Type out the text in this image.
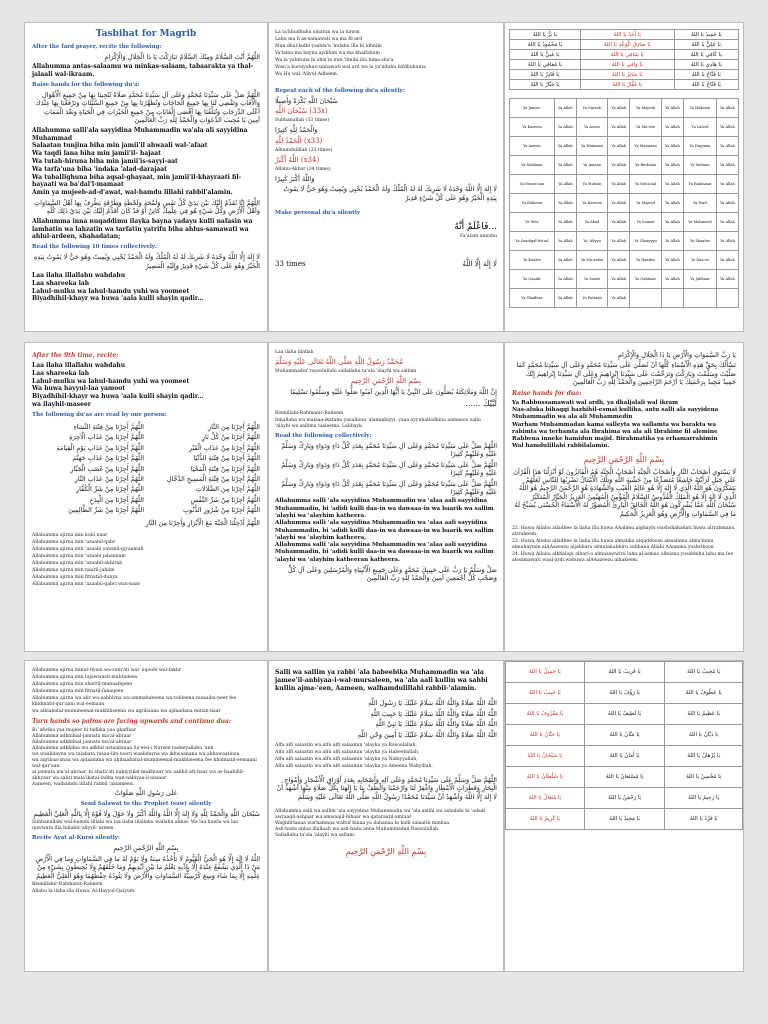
Tasbihat for Magrib
After the fard prayer, recite the following:
اللَّهُمَّ أَنْتَ السَّلَامُ وَمِنْكَ السَّلَامُ تَبَارَكْتَ يَا ذَا الْجَلَالِ وَالْإِكْرَامِ
Allahumma antas-salaamu wa minkas-salaam, tabaarakta ya thal-jalaali wal-ikraam.
Raise hands for the following du'a:
اللَّهُمَّ صَلِّ عَلَى سَيِّدِنَا مُحَمَّدٍ وَعَلَى آلِ سَيِّدِنَا مُحَمَّدٍ صَلَاةً تُنْجِينَا بِهَا مِنْ جَمِيعِ الْأَهْوَالِ وَالْآفَاتِ وَتَقْضِي لَنَا بِهَا جَمِيعَ الْحَاجَاتِ وَتُطَهِّرُنَا بِهَا مِنْ جَمِيعِ السَّيِّئَاتِ وَتَرْفَعُنَا بِهَا عِنْدَكَ أَعْلَى الدَّرَجَاتِ وَتُبَلِّغُنَا بِهَا أَقْصَى الْغَايَاتِ مِنْ جَمِيعِ الْخَيْرَاتِ فِي الْحَيَاةِ وَبَعْدَ الْمَمَاتِ آمِينَ يَا مُجِيبَ الدَّعَوَاتِ وَالْحَمْدُ لِلَّهِ رَبِّ الْعَالَمِينَ
Allahumma salli'ala sayyidina Muhammadin wa'ala ali sayyidina Muhammad
Salaatan tunjina biha min jamii'il ahwaali wal-'afaat
Wa taqdi lana biha min jamii'il- hajaat
Wa tutah-hiruna biha min jamii'is-sayyi-aat
Wa tarfa'una biha 'indaka 'alad-darajaat
Wa tuballighuna biha aqsal-ghayaat, min jamii'il-khayraati fil-hayaati wa ba'dal'l-mamaat
Amin ya mujeeb-ad-d'awat, wal-hamdu lillahi rabbil'alamin.
اللَّهُمَّ إِنَّا نُقَدِّمُ إِلَيْكَ بَيْنَ يَدَيْ كُلِّ نَفَسٍ وَلَمْحَةٍ وَلَحْظَةٍ وَطَرْفَةٍ يَطْرِفُ بِهَا أَهْلُ السَّمَاوَاتِ وَأَهْلُ الْأَرْضِ وَكُلِّ شَيْءٍ هُوَ فِي عِلْمِكَ كَائِنٌ أَوْ قَدْ كَانَ أُقَدِّمُ إِلَيْكَ بَيْنَ يَدَيْ ذَلِكَ كُلِّهِ
Allahumma inna nuqaddimu ilayka bayna yadayu kulli nafasin wa lamhatin wa lahzatin wa tarfatin yatrifu biha ahlus-samawati wa ahlul-ardeen, shahadatan;
Read the following 10 times collectively:
لَا إِلَهَ إِلَّا اللَّهُ وَحْدَهُ لَا شَرِيكَ لَهُ لَهُ الْمُلْكُ وَلَهُ الْحَمْدُ يُحْيِي وَيُمِيتُ وَهُوَ حَيٌّ لَا يَمُوتُ بِيَدِهِ الْخَيْرُ وَهُوَ عَلَى كُلِّ شَيْءٍ قَدِيرٌ وَإِلَيْهِ الْمَصِيرُ
Laa ilaha illallahu wahdahu
Laa shareeka lah
Lahul-mulku wa lahul-hamdu yuhi wa yoomeet
Biyadhihil-khayr wa huwa 'aala kulli shayin qadir...
La ta'khudhuhu sinatun wa la nawm
Lahu ma fi as-samawati wa ma fil-ard
Man dhal-ladhi yashfa'u 'indahu illa bi idhnihi
Ya'lamu ma bayna aydihim wa ma khalfahum
Wa la yuhituna bi shai'in min 'ilmihi illa bima sha'a
Wasi'a kursiyuhus-samawati wal ard wa la ya'uduhu hifdhuhuma
Wa Hu wal-'Aliyul-Adheem.
Repeat each of the following du'a silently:
سُبْحَانَ اللَّهِ بُكْرَةً وَأَصِيلًا
(33x) سُبْحَانَ اللَّهِ
Subhanallah (33 times)
وَالْحَمْدُ لِلَّهِ كَثِيرًا
(x33) الْحَمْدُ لِلَّهِ
Alhamdulillah (33 times)
(x34) اللَّهُ أَكْبَرُ
Allahu-Akbar (34 times)
وَاللَّهُ أَكْبَرُ كَبِيرًا
لَا إِلَهَ إِلَّا اللَّهُ وَحْدَهُ لَا شَرِيكَ لَهُ لَهُ الْمُلْكُ وَلَهُ الْحَمْدُ يُحْيِي وَيُمِيتُ وَهُوَ حَيٌّ لَا يَمُوتُ بِيَدِهِ الْخَيْرُ وَهُوَ عَلَى كُلِّ شَيْءٍ قَدِيرٌ
Make personal du'a silently
...فَاعْلَمْ أَنَّهُ
Fa'alam annahu
33 times	لَا إِلَهَ إِلَّا اللَّهُ
يَا بَرُّ يَا اللهُ	يَا أَحَدُ يَا اللهُ	يَا حَمِيدُ يَا اللهُ
يَا مَحْمُودُ يَا اللهُ	يَا صَادِقَ الْوَعْدِ يَا اللهُ	يَا عَلِيُّ يَا اللهُ
يَا غَنِيُّ يَا اللهُ	يَا شَافِي يَا اللهُ	يَا كَافِي يَا اللهُ
يَا مُعَافِي يَا اللهُ	يَا وَافِي يَا اللهُ	يَا هَادِي يَا اللهُ
يَا قَادِرُ يَا اللهُ	يَا سَاتِرُ يَا اللهُ	يَا فَتَّاحُ يَا اللهُ
يَا جَبَّارُ يَا اللهُ	يَا غَفَّارُ يَا اللهُ	يَا فَتَّاحُ يَا اللهُ
Ya Jamee'	Ya Allah	Ya Qareeb	Ya Allah	Ya Mujeeb	Ya Allah	Ya Hakeem	Ya Allah
Ya Kareem	Ya Allah	Ya Azeez	Ya Allah	Ya Mu'een	Ya Allah	Ya Lateef	Ya Allah
Ya Azeem	Ya Allah	Ya Hannaan	Ya Allah	Ya Mannaan	Ya Allah	Ya Dayyaan	Ya Allah
Ya Subhaan	Ya Allah	Ya Amaan	Ya Allah	Ya Burhaan	Ya Allah	Ya Sultaan	Ya Allah
Ya Musta'aan	Ya Allah	Ya Muhsin	Ya Allah	Ya Muta'aal	Ya Allah	Ya Rahmaan	Ya Allah
Ya Raheem	Ya Allah	Ya Kareem	Ya Allah	Ya Majeed	Ya Allah	Ya Fard	Ya Allah
Ya Witr	Ya Allah	Ya Ahad	Ya Allah	Ya Samad	Ya Allah	Ya Mahmood	Ya Allah
Ya Saadiqal-Wa'ad	Ya Allah	Ya 'Aliyyu	Ya Allah	Ya Ghaniyyu	Ya Allah	Ya Shaafee	Ya Allah
Ya Kaafee	Ya Allah	Ya Mu'aafee	Ya Allah	Ya Haadee	Ya Allah	Ya Daa'ee	Ya Allah
Ya Qaadir	Ya Allah	Ya Saatir	Ya Allah	Ya Qahhaar	Ya Allah	Ya Jabbaar	Ya Allah
Ya Ghaffaar	Ya Allah	Ya Fattaah	Ya Allah				
After the 9th time, recite:
Laa ilaha illallahu wahdahu
Laa shareeka lah
Lahul-mulku wa lahul-hamdu yuhi wa yoomeet
Wa huwa hayyul-laa yamoot
Biyadhihil-khayr wa huwa 'aala kulli shayin qadir...
wa ilayhil-maseer
The following du'as are read by one person:
اللَّهُمَّ أَجِرْنَا مِنْ فِتْنَةِ النِّسَاءِ
اللَّهُمَّ أَجِرْنَا مِنْ عَذَابِ الْآخِرَةِ
اللَّهُمَّ أَجِرْنَا مِنْ عَذَابِ يَوْمِ الْقِيَامَةِ
اللَّهُمَّ أَجِرْنَا مِنْ عَذَابِ جَهَنَّمَ
اللَّهُمَّ أَجِرْنَا مِنْ غَضَبِ الْجَبَّارِ
اللَّهُمَّ أَجِرْنَا مِنْ عَذَابِ النَّارِ
اللَّهُمَّ أَجِرْنَا مِنْ شَرِّ الْكُفَّارِ
اللَّهُمَّ أَجِرْنَا مِنَ الْبِدَعِ
اللَّهُمَّ أَجِرْنَا مِنْ شَرِّ الظَّالِمِينَ
اللَّهُمَّ أَجِرْنَا مِنَ النَّارِ
اللَّهُمَّ أَجِرْنَا مِنْ كُلِّ نَارٍ
اللَّهُمَّ أَجِرْنَا مِنْ عَذَابِ الْقَبْرِ
اللَّهُمَّ أَجِرْنَا مِنْ فِتْنَةِ الدُّنْيَا
اللَّهُمَّ أَجِرْنَا مِنْ فِتْنَةِ الْمَحْيَا
اللَّهُمَّ أَجِرْنَا مِنْ فِتْنَةِ الْمَسِيحِ الدَّجَّالِ
اللَّهُمَّ أَجِرْنَا مِنَ الضَّلَالَاتِ
اللَّهُمَّ أَجِرْنَا مِنْ شَرِّ النَّفْسِ
اللَّهُمَّ أَجِرْنَا مِنْ شُرُورِ الذُّنُوبِ
اللَّهُمَّ أَدْخِلْنَا الْجَنَّةَ مَعَ الْأَبْرَارِ وَأَجِرْنَا مِنَ النَّارِ
Allahumma ajirna min kulli naar
Allahumma ajirna min 'azaabil-qabr
Allahumma ajirna min 'azaabi yawmil-qiyaamah
Allahumma ajirna min 'azaabi jahannam
Allahumma ajirna min 'azaabil-akhirah
Allahumma ajirna min naaril-jahiim
Allahumma ajirna min fitnatid-dunya
Allahumma ajirna min 'azaabil-qabri wan-naar
Laa ilaha illallah
مُحَمَّدٌ رَسُولُ اللَّهِ صَلَّى اللَّهُ تَعَالَى عَلَيْهِ وَسَلَّمَ
Muhammadur rasoolullahi sallallahu ta'ala 'alayhi wa sallam
بِسْمِ اللَّهِ الرَّحْمَنِ الرَّحِيمِ
إِنَّ اللَّهَ وَمَلَائِكَتَهُ يُصَلُّونَ عَلَى النَّبِيِّ يَا أَيُّهَا الَّذِينَ آمَنُوا صَلُّوا عَلَيْهِ وَسَلِّمُوا تَسْلِيمًا
لَبَّيْكَ ......
Bismillahi-Rahmanir-Raheem
Innallaha wa malaaa-ikatahu yusalluna 'alannabiyyi, yaaa ayyuhalladhina aamanoo sallu 'alayhi wa sallimu tasleema. Labbayk.
Read the following collectively:
اللَّهُمَّ صَلِّ عَلَى سَيِّدِنَا مُحَمَّدٍ وَعَلَى آلِ سَيِّدِنَا مُحَمَّدٍ بِعَدَدِ كُلِّ دَاءٍ وَدَوَاءٍ وَبَارِكْ وَسَلِّمْ عَلَيْهِ وَعَلَيْهِمْ كَثِيرًا
اللَّهُمَّ صَلِّ عَلَى سَيِّدِنَا مُحَمَّدٍ وَعَلَى آلِ سَيِّدِنَا مُحَمَّدٍ بِعَدَدِ كُلِّ دَاءٍ وَدَوَاءٍ وَبَارِكْ وَسَلِّمْ عَلَيْهِ وَعَلَيْهِمْ كَثِيرًا
اللَّهُمَّ صَلِّ عَلَى سَيِّدِنَا مُحَمَّدٍ وَعَلَى آلِ سَيِّدِنَا مُحَمَّدٍ بِعَدَدِ كُلِّ دَاءٍ وَدَوَاءٍ وَبَارِكْ وَسَلِّمْ عَلَيْهِ وَعَلَيْهِمْ كَثِيرًا
Allahumma salli 'ala sayyidina Muhammadin wa 'alaa aali sayyidina Muhammadin, bi 'adidi kulli daa-in wa dawaaa-in wa baarik wa sallim 'alayhi wa 'alayhim katheera.
Allahumma salli 'ala sayyidina Muhammadin wa 'alaa aali sayyidina Muhammadin, bi 'adidi kulli daa-in wa dawaaa-in wa baarik wa sallim 'alayhi wa 'alayhim katheera,
Allahumma salli 'ala sayyidina Muhammadin wa 'alaa aali sayyidina Muhammadin, bi 'adidi kulli daa-in wa dawaaa-in wa baarik wa sallim 'alayhi wa 'alayhim katheeran katheera.
صَلِّ وَسَلِّمْ يَا رَبِّ عَلَى حَبِيبِكَ مُحَمَّدٍ وَعَلَى جَمِيعِ الْأَنْبِيَاءِ وَالْمُرْسَلِينَ وَعَلَى آلِ كُلٍّ وَصَحْبِ كُلٍّ أَجْمَعِينَ آمِينَ وَالْحَمْدُ لِلَّهِ رَبِّ الْعَالَمِينَ
يَا رَبَّ السَّمَوَاتِ وَالْأَرْضِ يَا ذَا الْجَلَالِ وَالْإِكْرَامِ
نَسْأَلُكَ بِحَقِّ هَذِهِ الْأَسْمَاءِ كُلِّهَا أَنْ تُصَلِّيَ عَلَى سَيِّدِنَا مُحَمَّدٍ وَعَلَى آلِ سَيِّدِنَا مُحَمَّدٍ كَمَا صَلَّيْتَ وَسَلَّمْتَ وَبَارَكْتَ وَتَرَحَّمْتَ عَلَى سَيِّدِنَا إِبْرَاهِيمَ وَعَلَى آلِ سَيِّدِنَا إِبْرَاهِيمَ إِنَّكَ حَمِيدٌ مَجِيدٌ بِرَحْمَتِكَ يَا أَرْحَمَ الرَّاحِمِينَ وَالْحَمْدُ لِلَّهِ رَبِّ الْعَالَمِينَ
Raise hands for dua:
Ya Rabbussamawati wal ardh, ya dhaljalali wal ikram
Nas-aluka bihaqqi hazhihil-esmai kulliha, antu salli ala sayyidena Muhammadin wa ala ali Muhammedin
Warham Muhammadan kama salleyta wa sallamta wa barakta wa rahimta wa terhamta ala Ibrahima wa ala ali Ibrahime fil alemine
Rabbena inneke hamidun majid. Birahmatika ya erhamarrahimin
Wal hamdulillahi rabbilalamin.
بِسْمِ اللَّهِ الرَّحْمَنِ الرَّحِيمِ
لَا يَسْتَوِي أَصْحَابُ النَّارِ وَأَصْحَابُ الْجَنَّةِ أَصْحَابُ الْجَنَّةِ هُمُ الْفَائِزُونَ لَوْ أَنْزَلْنَا هَذَا الْقُرْآنَ عَلَى جَبَلٍ لَرَأَيْتَهُ خَاشِعًا مُتَصَدِّعًا مِنْ خَشْيَةِ اللَّهِ وَتِلْكَ الْأَمْثَالُ نَضْرِبُهَا لِلنَّاسِ لَعَلَّهُمْ يَتَفَكَّرُونَ هُوَ اللَّهُ الَّذِي لَا إِلَهَ إِلَّا هُوَ عَالِمُ الْغَيْبِ وَالشَّهَادَةِ هُوَ الرَّحْمَنُ الرَّحِيمُ هُوَ اللَّهُ الَّذِي لَا إِلَهَ إِلَّا هُوَ الْمَلِكُ الْقُدُّوسُ السَّلَامُ الْمُؤْمِنُ الْمُهَيْمِنُ الْعَزِيزُ الْجَبَّارُ الْمُتَكَبِّرُ سُبْحَانَ اللَّهِ عَمَّا يُشْرِكُونَ هُوَ اللَّهُ الْخَالِقُ الْبَارِئُ الْمُصَوِّرُ لَهُ الْأَسْمَاءُ الْحُسْنَى يُسَبِّحُ لَهُ مَا فِي السَّمَاوَاتِ وَالْأَرْضِ وَهُوَ الْعَزِيزُ الْحَكِيمُ
22. Huwa Allahu alladhee la ilaha illa huwa AAalimu alghaybi washshahadati huwa alrrahmanu alrraheem.
23. Huwa Allahu alladhee la ilaha illa huwa almaliku alquddoosu alssalamu almu'minu almuhaymin alAAazeezu aljabbaru almutakabbiru subhana Allahi AAamma yushrikoon.
24. Huwa Allahu alkhaliqu albari-o almusawwiru lahu al-asmao alhusna yusabbihu lahu ma fee alssamawati waal-ardi wahuwa alAAazeezu alhakeem.
Allahumma ajirna minat-tiyaai wa-sum'ati wal-'uqoobi wal-fakhr
Allahumma ajirna min tajawwazil-mubtadeea
Allahumma ajirna min sharril-munaafiqeen
Allahumma ajirna min fitnatil-fanaqeen
Allahumma ajirna wa alir wa-aabbiyna wa-ummahateena wa-tobleena rasaaiba-neer fee khidmatil-qur'aani wal-eemaan
wa albiabatal-mumineenal-mukhlliseena wa aqribaana wa ajdaadana minan-naar
Turn hands so palms are facing upwards and continue dua:
Bi 'afwika yaa mujeer bi fadlika yaa ghaffaar
Allahumma adkhilnal-jannata ma'al-abraar
Allahumma adkhilnal-jannata ma'al-abraar
Allahumma adkhilna wa adkhil ustaadanaa Sa'eed-i Nursee radeeyallahu 'anh
wa waalidayna wa talabata rasaa-ilin-noori waalidayna wa ikhwaanana wa akhawaatinaa
wa aqribaa-anaa wa ajdaadana wa ahibaabanal-mumineenal-mukhliseena fee khidmatil-eemaani wal-qur'aan
al jannata ma'al-abraar, bi shafa'ati nabiyyikal-mukhtaar wa aalihil-att-haar wa as-haabihil-akhyaar wa saliri mala'ikatal-ladha wan-nabiyaa-il-ansaar
Aameen, walhamdu lillahi rabbil 'aalameen.
عَلَى رَسُولِ اللَّهِ صَلَوَاتٌ
Send Salawat to the Prophet (saw) silently
سُبْحَانَ اللَّهِ وَالْحَمْدُ لِلَّهِ وَلَا إِلَهَ إِلَّا اللَّهُ وَاللَّهُ أَكْبَرُ وَلَا حَوْلَ وَلَا قُوَّةَ إِلَّا بِاللَّهِ الْعَلِيِّ الْعَظِيمِ
Subhanallahi wal-hamdu lillahi wa laa ilaha illallahu wallahu akbar. Wa laa hawla wa laa quwwata illa billahil-'aliyyil-'azeem.
Recite Ayat al-Kursi silently:
بِسْمِ اللَّهِ الرَّحْمَنِ الرَّحِيمِ
اللَّهُ لَا إِلَهَ إِلَّا هُوَ الْحَيُّ الْقَيُّومُ لَا تَأْخُذُهُ سِنَةٌ وَلَا نَوْمٌ لَهُ مَا فِي السَّمَاوَاتِ وَمَا فِي الْأَرْضِ مَنْ ذَا الَّذِي يَشْفَعُ عِنْدَهُ إِلَّا بِإِذْنِهِ يَعْلَمُ مَا بَيْنَ أَيْدِيهِمْ وَمَا خَلْفَهُمْ وَلَا يُحِيطُونَ بِشَيْءٍ مِنْ عِلْمِهِ إِلَّا بِمَا شَاءَ وَسِعَ كُرْسِيُّهُ السَّمَاوَاتِ وَالْأَرْضَ وَلَا يَئُودُهُ حِفْظُهُمَا وَهُوَ الْعَلِيُّ الْعَظِيمُ
Bismillahir-Rahmanir-Raheem
Allahu la ilaha illa Huwa, Al-Hayyul-Qaiyum
Salli wa sallim ya rabbi 'ala habeebika Muhammadin wa 'ala jamee'il-anbiyaa-i-wal-mursaleen, wa 'ala aali kullin wa sahbi kullin ajma-'een, Aameen, walhamdulillahi rabbil-'alamin.
اللَّهُ اللَّهُ صَلَاةً وَاللَّهُ اللَّهُ سَلَامٌ عَلَيْكَ يَا رَسُولَ اللَّهِ
اللَّهُ اللَّهُ صَلَاةً وَاللَّهُ اللَّهُ سَلَامٌ عَلَيْكَ يَا حَبِيبَ اللَّهِ
اللَّهُ اللَّهُ صَلَاةً وَاللَّهُ اللَّهُ سَلَامٌ عَلَيْكَ يَا نَبِيَّ اللَّهِ
اللَّهُ اللَّهُ صَلَاةً وَاللَّهُ اللَّهُ سَلَامٌ عَلَيْكَ يَا أَمِينَ وَحْيِ اللَّهِ
Alfu alfi salaatin wa alfu alfi salaamin 'alayka ya Rasoolallah,
Alfu alfi salaatin wa alfu alfi salaamin 'alayka ya Habeeballah,
Alfu alfi salaatin wa alfu alfi salaamin 'alayka ya Nabiyyallah,
Alfu alfi salaatin wa alfu alfi salaamin 'alayka ya Ameena Wahyillah.
اللَّهُمَّ صَلِّ وَسَلِّمْ عَلَى سَيِّدِنَا مُحَمَّدٍ وَعَلَى آلِهِ وَأَصْحَابِهِ بِعَدَدِ أَوْرَاقِ الْأَشْجَارِ وَأَمْوَاجِ الْبِحَارِ وَقَطَرَاتِ الْأَمْطَارِ وَاغْفِرْ لَنَا وَارْحَمْنَا وَالْطُفْ بِنَا يَا إِلَهَنَا بِكُلِّ صَلَاةٍ مِنْهَا أَشْهَدُ أَنْ لَا إِلَهَ إِلَّا اللَّهُ وَأَشْهَدُ أَنَّ سَيِّدَنَا مُحَمَّدًا رَسُولُ اللَّهِ صَلَّى اللَّهُ تَعَالَى عَلَيْهِ وَسَلَّمَ
Allahumma salli wa sallim 'ala sayyidina Muhammadin wa 'ala aalihi wa ashabihi bi 'adadi awraaqil-ashjaar wa amwaajil-bihaar wa qataraatil-amtaar
Waghfirlanaa warhamnaa waltuf binaa ya ilahanaa bi kulli salaatin minhaa
Ash-hadu anlaa illallaah wa ash-hadu anna Muhammadan Rasoolullah
Sallallahu ta'ala 'alayhi wa sallam.
بِسْمِ اللَّهِ الرَّحْمَنِ الرَّحِيمِ
يَا جَمِيلُ يَا اللهُ	يَا قَرِيبُ يَا اللهُ	يَا مُجِيبُ يَا اللهُ
يَا حَبِيبُ يَا اللهُ	يَا رَؤُفُ يَا اللهُ	يَا عَطُوفُ يَا اللهُ
يَا مَعْرُوفُ يَا اللهُ	يَا لَطِيفُ يَا اللهُ	يَا عَظِيمُ يَا اللهُ
يَا حَنَّانُ يَا اللهُ	يَا مَنَّانُ يَا اللهُ	يَا دَيَّانُ يَا اللهُ
يَا سُبْحَانُ يَا اللهُ	يَا أَمَانُ يَا اللهُ	يَا بُرْهَانُ يَا اللهُ
يَا سُلْطَانُ يَا اللهُ	يَا مُسْتَعَانُ يَا اللهُ	يَا مُحْسِنُ يَا اللهُ
يَا مُتَعَالُ يَا اللهُ	يَا رَحْمَنُ يَا اللهُ	يَا رَحِيمُ يَا اللهُ
يَا كَرِيمُ يَا اللهُ	يَا مَجِيدُ يَا اللهُ	يَا فَرْدُ يَا اللهُ
